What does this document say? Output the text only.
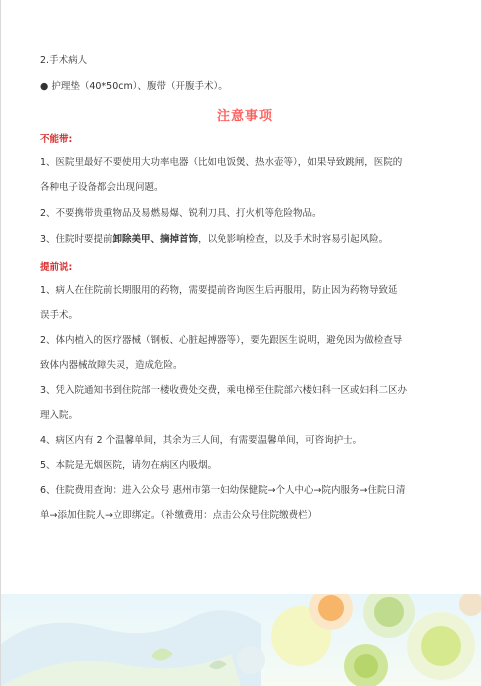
2.手术病人

● 护理垫（40*50cm）、腹带（开腹手术）。

注意事项

不能带:

1、医院里最好不要使用大功率电器（比如电饭煲、热水壶等），如果导致跳闸，医院的

各种电子设备都会出现问题。

2、不要携带贵重物品及易燃易爆、锐利刀具、打火机等危险物品。

3、住院时要提前卸除美甲、摘掉首饰，以免影响检查，以及手术时容易引起风险。

提前说:

1、病人在住院前长期服用的药物，需要提前咨询医生后再服用，防止因为药物导致延

误手术。

2、体内植入的医疗器械（钢板、心脏起搏器等），要先跟医生说明，避免因为做检查导

致体内器械故障失灵，造成危险。

3、凭入院通知书到住院部一楼收费处交费，乘电梯至住院部六楼妇科一区或妇科二区办

理入院。

4、病区内有 2 个温馨单间，其余为三人间，有需要温馨单间，可咨询护士。

5、本院是无烟医院，请勿在病区内吸烟。

6、住院费用查询：进入公众号 惠州市第一妇幼保健院→个人中心→院内服务→住院日清

单→添加住院人→立即绑定。（补缴费用：点击公众号住院缴费栏）
